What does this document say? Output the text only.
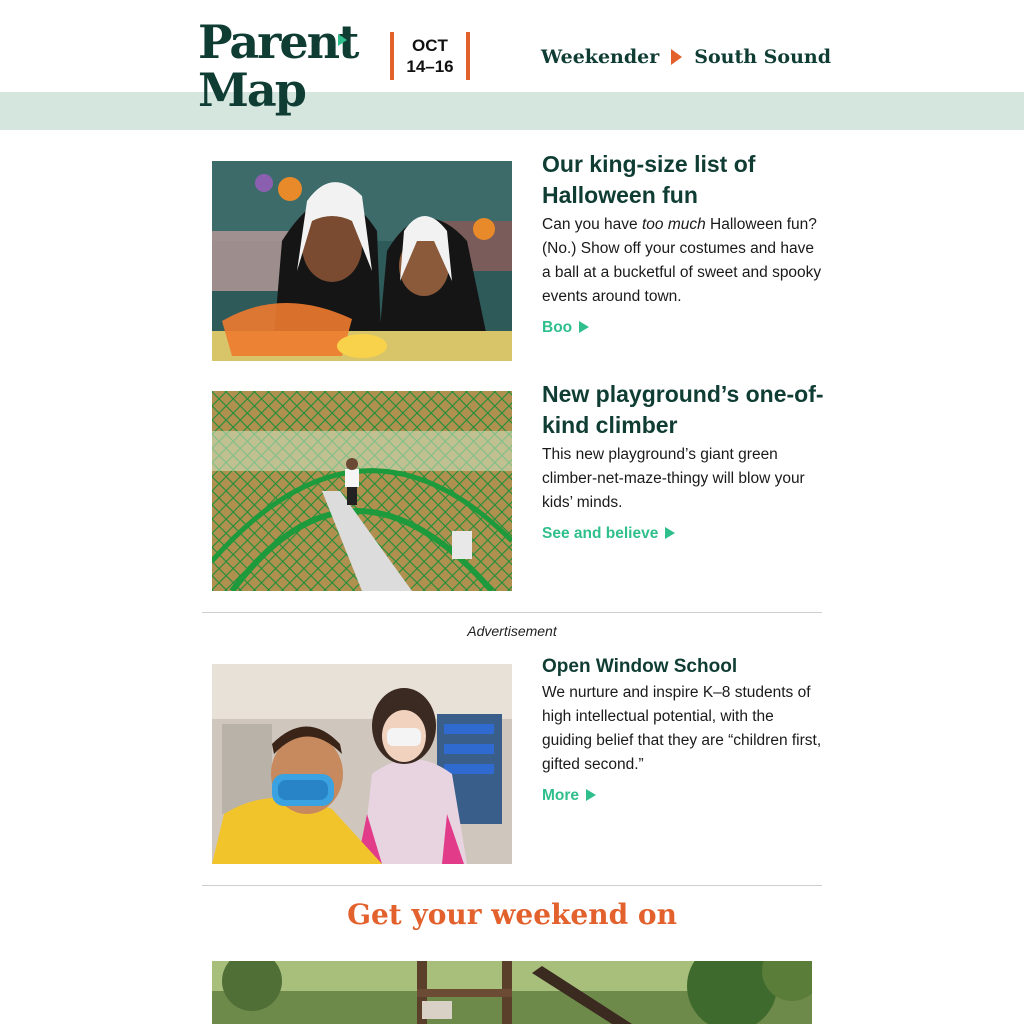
Parent
Map
OCT
14–16	Weekender South Sound
Our king-size list of Halloween fun
Can you have too much Halloween fun? (No.) Show off your costumes and have a ball at a bucketful of sweet and spooky events around town.
Boo
New playground’s one-of-kind climber
This new playground’s giant green climber-net-maze-thingy will blow your kids’ minds.
See and believe
Advertisement
Open Window School
We nurture and inspire K–8 students of high intellectual potential, with the guiding belief that they are “children first, gifted second.”
More
Get your weekend on
